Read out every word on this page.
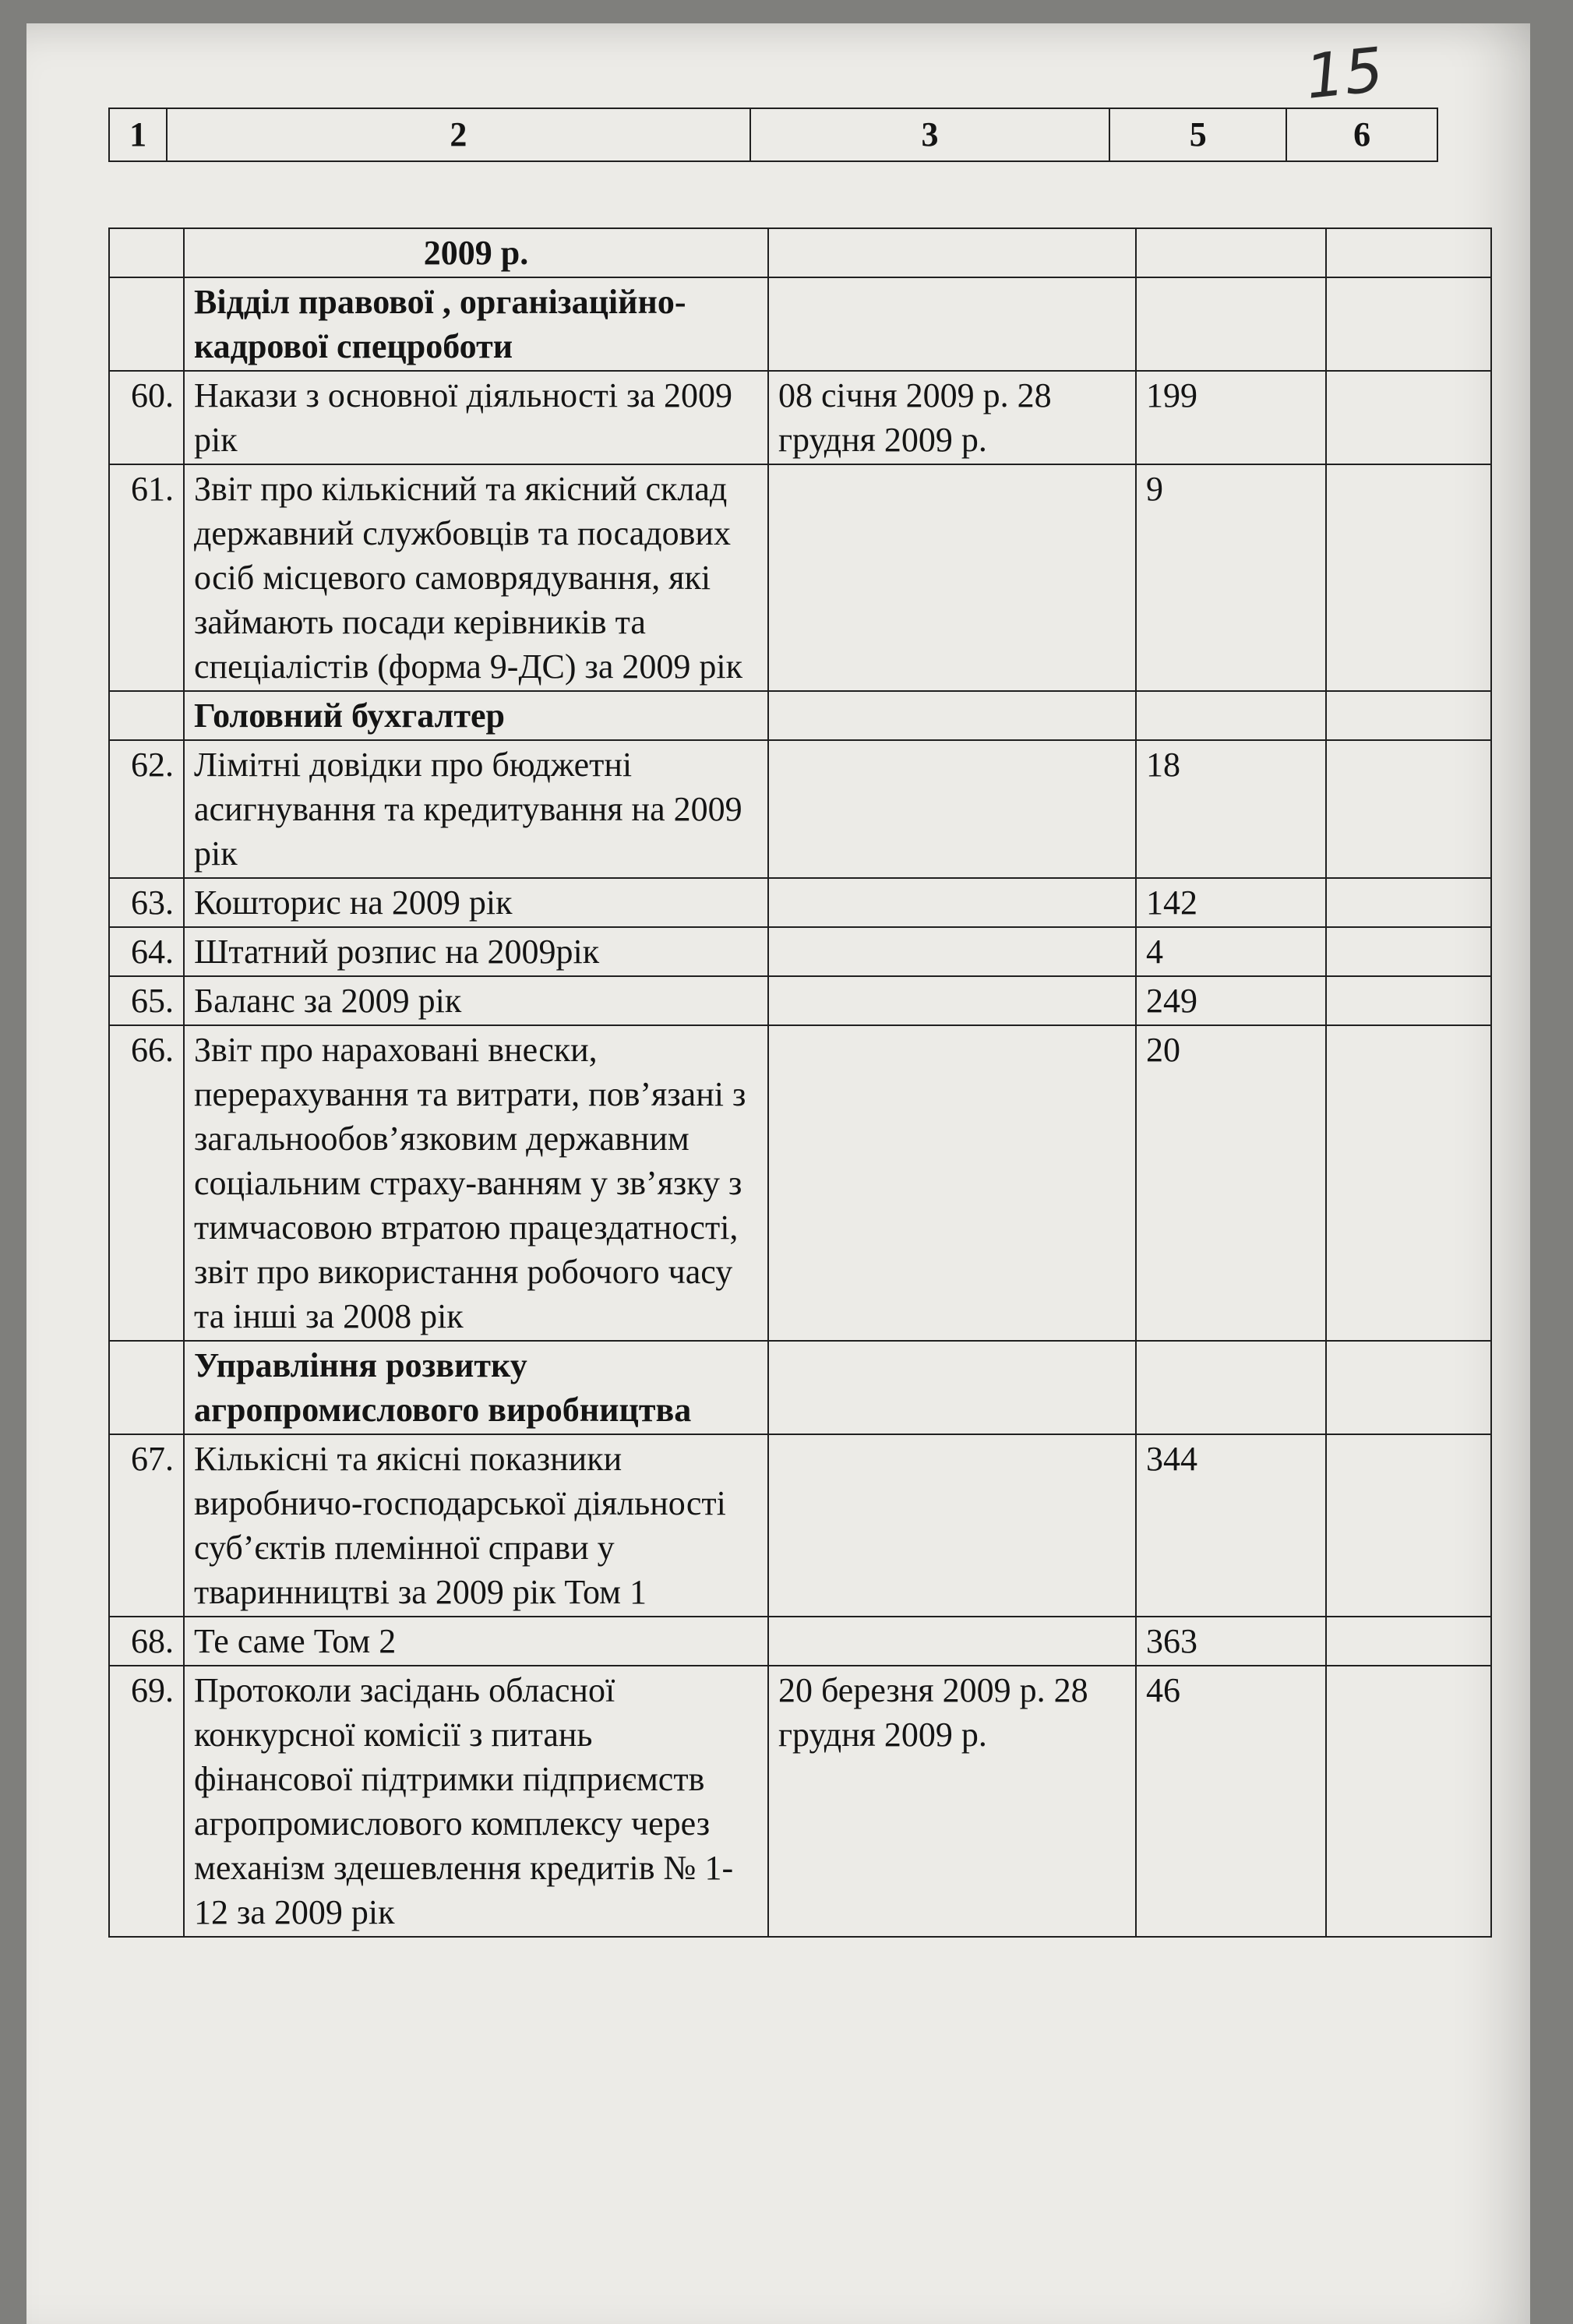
15
1	2	3	5	6
	2009 р.			
	Відділ правової , організаційно-кадрової спецроботи			
60.	Накази з основної діяльності за 2009 рік	08 січня 2009 р. 28 грудня 2009 р.	199	
61.	Звіт про кількісний та якісний склад державний службовців та посадових осіб місцевого самоврядування, які займають посади керівників та спеціалістів (форма 9-ДС) за 2009 рік		9	
	Головний бухгалтер			
62.	Лімітні довідки про бюджетні асигнування та кредитування на 2009 рік		18	
63.	Кошторис на 2009 рік		142	
64.	Штатний розпис на 2009рік		4	
65.	Баланс за 2009 рік		249	
66.	Звіт про нараховані внески, перерахування та витрати, пов’язані з загальнообов’язковим державним соціальним страху-ванням у зв’язку з тимчасовою втратою працездатності, звіт про використання робочого часу та інші за 2008 рік		20	
	Управління розвитку агропромислового виробництва			
67.	Кількісні та якісні показники виробничо-господарської діяльності суб’єктів племінної справи у тваринництві за 2009 рік Том 1		344	
68.	Те саме Том 2		363	
69.	Протоколи засідань обласної конкурсної комісії з питань фінансової підтримки підприємств агропромислового комплексу через механізм здешевлення кредитів № 1-12 за 2009 рік	20 березня 2009 р. 28 грудня 2009 р.	46	
